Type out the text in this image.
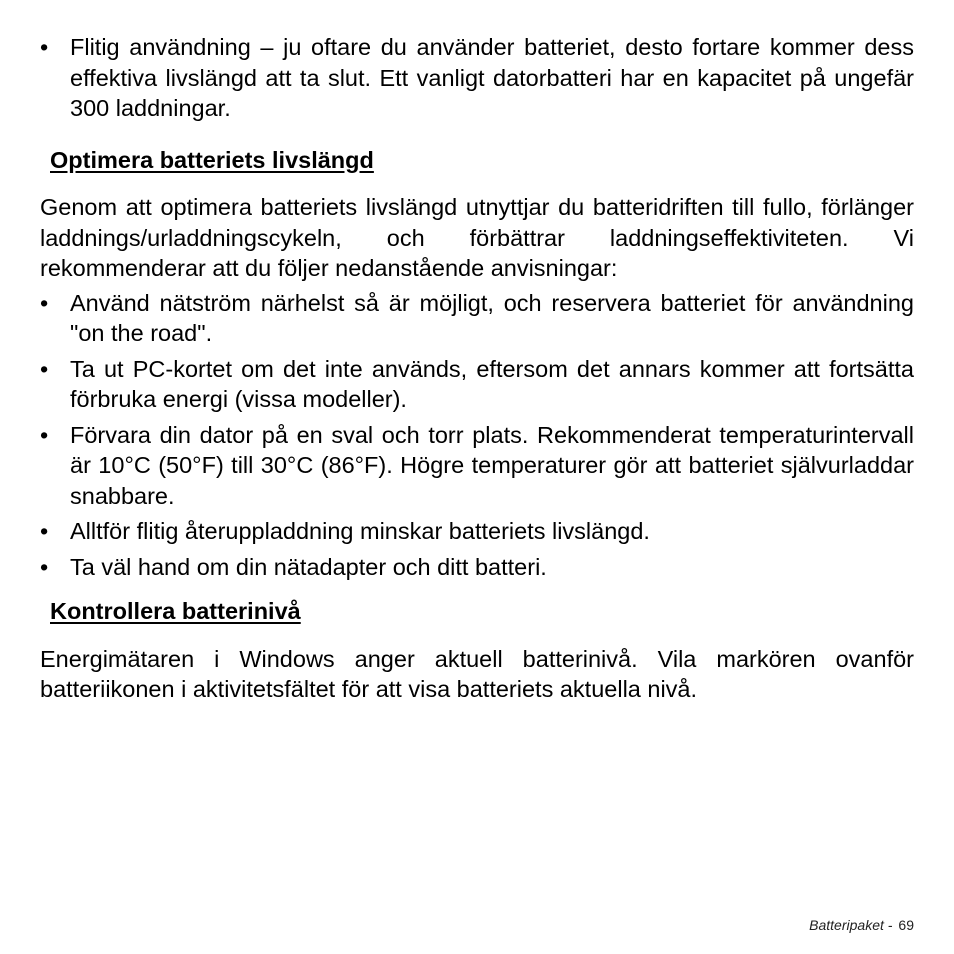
• Flitig användning – ju oftare du använder batteriet, desto fortare kommer dess effektiva livslängd att ta slut. Ett vanligt datorbatteri har en kapacitet på ungefär 300 laddningar.
Optimera batteriets livslängd

Genom att optimera batteriets livslängd utnyttjar du batteridriften till fullo, förlänger laddnings/urladdningscykeln, och förbättrar laddningseffektiviteten. Vi rekommenderar att du följer nedanstående anvisningar:

• Använd nätström närhelst så är möjligt, och reservera batteriet för användning "on the road".
• Ta ut PC-kortet om det inte används, eftersom det annars kommer att fortsätta förbruka energi (vissa modeller).
• Förvara din dator på en sval och torr plats. Rekommenderat temperaturintervall är 10°C (50°F) till 30°C (86°F). Högre temperaturer gör att batteriet självurladdar snabbare.
• Alltför flitig återuppladdning minskar batteriets livslängd.
• Ta väl hand om din nätadapter och ditt batteri.
Kontrollera batterinivå

Energimätaren i Windows anger aktuell batterinivå. Vila markören ovanför batteriikonen i aktivitetsfältet för att visa batteriets aktuella nivå.

Batteripaket - 69
